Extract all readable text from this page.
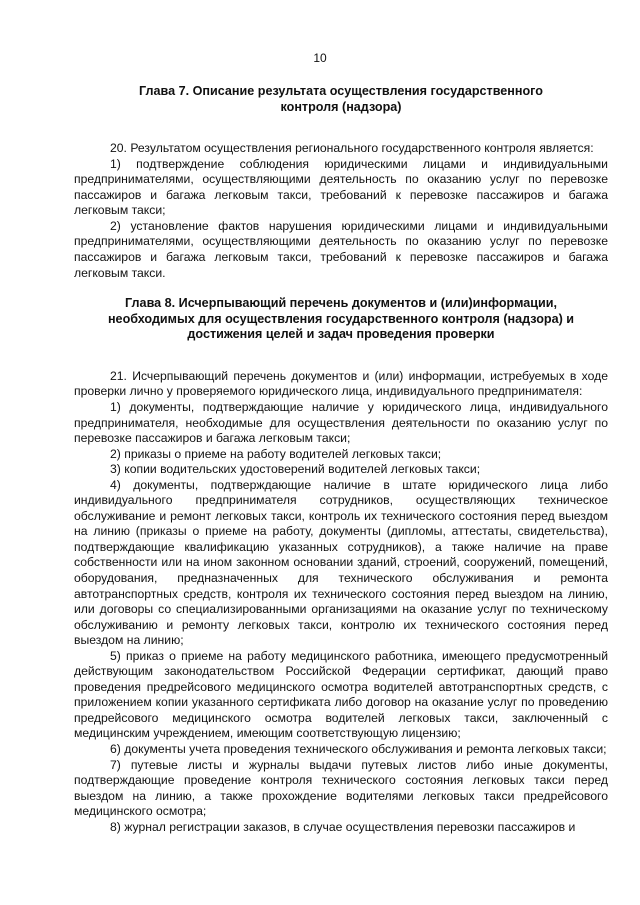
10
Глава 7. Описание результата осуществления государственного
контроля (надзора)

20. Результатом осуществления регионального государственного контроля является:

1) подтверждение соблюдения юридическими лицами и индивидуальными предпринимателями, осуществляющими деятельность по оказанию услуг по перевозке пассажиров и багажа легковым такси, требований к перевозке пассажиров и багажа легковым такси;

2) установление фактов нарушения юридическими лицами и индивидуальными предпринимателями, осуществляющими деятельность по оказанию услуг по перевозке пассажиров и багажа легковым такси, требований к перевозке пассажиров и багажа легковым такси.

Глава 8. Исчерпывающий перечень документов и (или)информации,
необходимых для осуществления государственного контроля (надзора) и
достижения целей и задач проведения проверки

21. Исчерпывающий перечень документов и (или) информации, истребуемых в ходе проверки лично у проверяемого юридического лица, индивидуального предпринимателя:

1) документы, подтверждающие наличие у юридического лица, индивидуального предпринимателя, необходимые для осуществления деятельности по оказанию услуг по перевозке пассажиров и багажа легковым такси;

2) приказы о приеме на работу водителей легковых такси;

3) копии водительских удостоверений водителей легковых такси;

4) документы, подтверждающие наличие в штате юридического лица либо индивидуального предпринимателя сотрудников, осуществляющих техническое обслуживание и ремонт легковых такси, контроль их технического состояния перед выездом на линию (приказы о приеме на работу, документы (дипломы, аттестаты, свидетельства), подтверждающие квалификацию указанных сотрудников), а также наличие на праве собственности или на ином законном основании зданий, строений, сооружений, помещений, оборудования, предназначенных для технического обслуживания и ремонта автотранспортных средств, контроля их технического состояния перед выездом на линию, или договоры со специализированными организациями на оказание услуг по техническому обслуживанию и ремонту легковых такси, контролю их технического состояния перед выездом на линию;

5) приказ о приеме на работу медицинского работника, имеющего предусмотренный действующим законодательством Российской Федерации сертификат, дающий право проведения предрейсового медицинского осмотра водителей автотранспортных средств, с приложением копии указанного сертификата либо договор на оказание услуг по проведению предрейсового медицинского осмотра водителей легковых такси, заключенный с медицинским учреждением, имеющим соответствующую лицензию;

6) документы учета проведения технического обслуживания и ремонта легковых такси;

7) путевые листы и журналы выдачи путевых листов либо иные документы, подтверждающие проведение контроля технического состояния легковых такси перед выездом на линию, а также прохождение водителями легковых такси предрейсового медицинского осмотра;

8) журнал регистрации заказов, в случае осуществления перевозки пассажиров и
